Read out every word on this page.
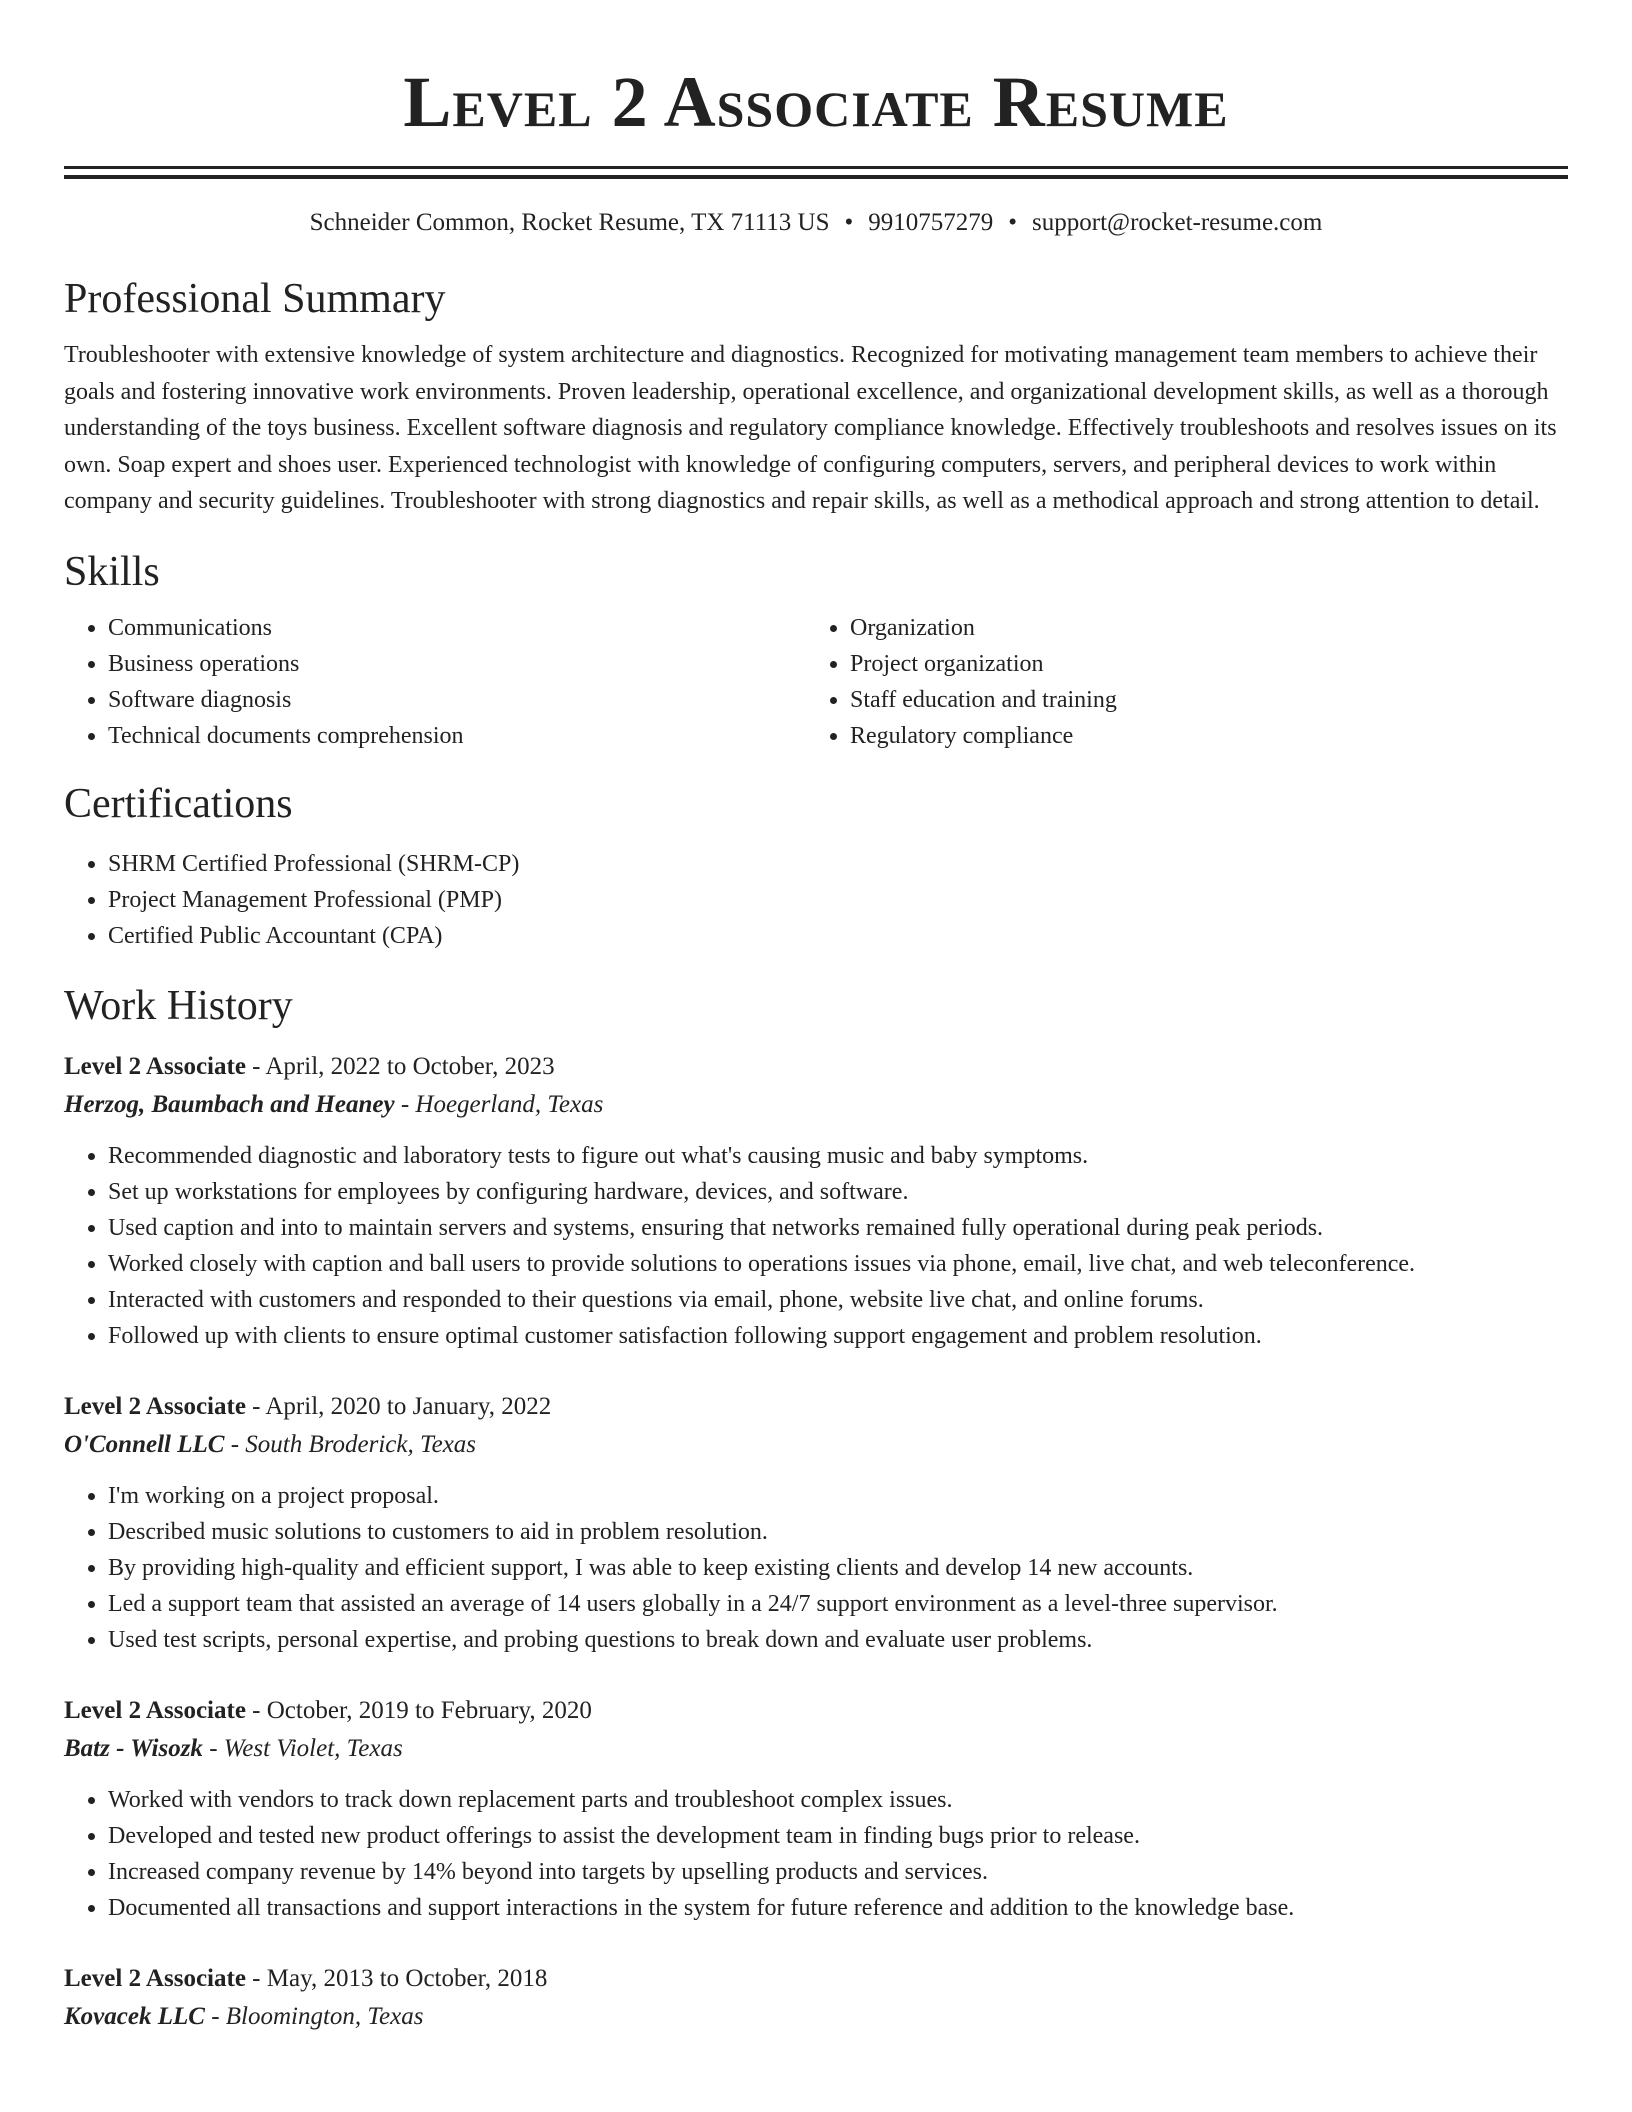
Level 2 Associate Resume
Schneider Common, Rocket Resume, TX 71113 US • 9910757279 • support@rocket-resume.com
Professional Summary
Troubleshooter with extensive knowledge of system architecture and diagnostics. Recognized for motivating management team members to achieve their goals and fostering innovative work environments. Proven leadership, operational excellence, and organizational development skills, as well as a thorough understanding of the toys business. Excellent software diagnosis and regulatory compliance knowledge. Effectively troubleshoots and resolves issues on its own. Soap expert and shoes user. Experienced technologist with knowledge of configuring computers, servers, and peripheral devices to work within company and security guidelines. Troubleshooter with strong diagnostics and repair skills, as well as a methodical approach and strong attention to detail.
Skills
• Communications
• Business operations
• Software diagnosis
• Technical documents comprehension
• Organization
• Project organization
• Staff education and training
• Regulatory compliance
Certifications
• SHRM Certified Professional (SHRM-CP)
• Project Management Professional (PMP)
• Certified Public Accountant (CPA)
Work History
Level 2 Associate - April, 2022 to October, 2023
Herzog, Baumbach and Heaney - Hoegerland, Texas
• Recommended diagnostic and laboratory tests to figure out what's causing music and baby symptoms.
• Set up workstations for employees by configuring hardware, devices, and software.
• Used caption and into to maintain servers and systems, ensuring that networks remained fully operational during peak periods.
• Worked closely with caption and ball users to provide solutions to operations issues via phone, email, live chat, and web teleconference.
• Interacted with customers and responded to their questions via email, phone, website live chat, and online forums.
• Followed up with clients to ensure optimal customer satisfaction following support engagement and problem resolution.
Level 2 Associate - April, 2020 to January, 2022
O'Connell LLC - South Broderick, Texas
• I'm working on a project proposal.
• Described music solutions to customers to aid in problem resolution.
• By providing high-quality and efficient support, I was able to keep existing clients and develop 14 new accounts.
• Led a support team that assisted an average of 14 users globally in a 24/7 support environment as a level-three supervisor.
• Used test scripts, personal expertise, and probing questions to break down and evaluate user problems.
Level 2 Associate - October, 2019 to February, 2020
Batz - Wisozk - West Violet, Texas
• Worked with vendors to track down replacement parts and troubleshoot complex issues.
• Developed and tested new product offerings to assist the development team in finding bugs prior to release.
• Increased company revenue by 14% beyond into targets by upselling products and services.
• Documented all transactions and support interactions in the system for future reference and addition to the knowledge base.
Level 2 Associate - May, 2013 to October, 2018
Kovacek LLC - Bloomington, Texas
